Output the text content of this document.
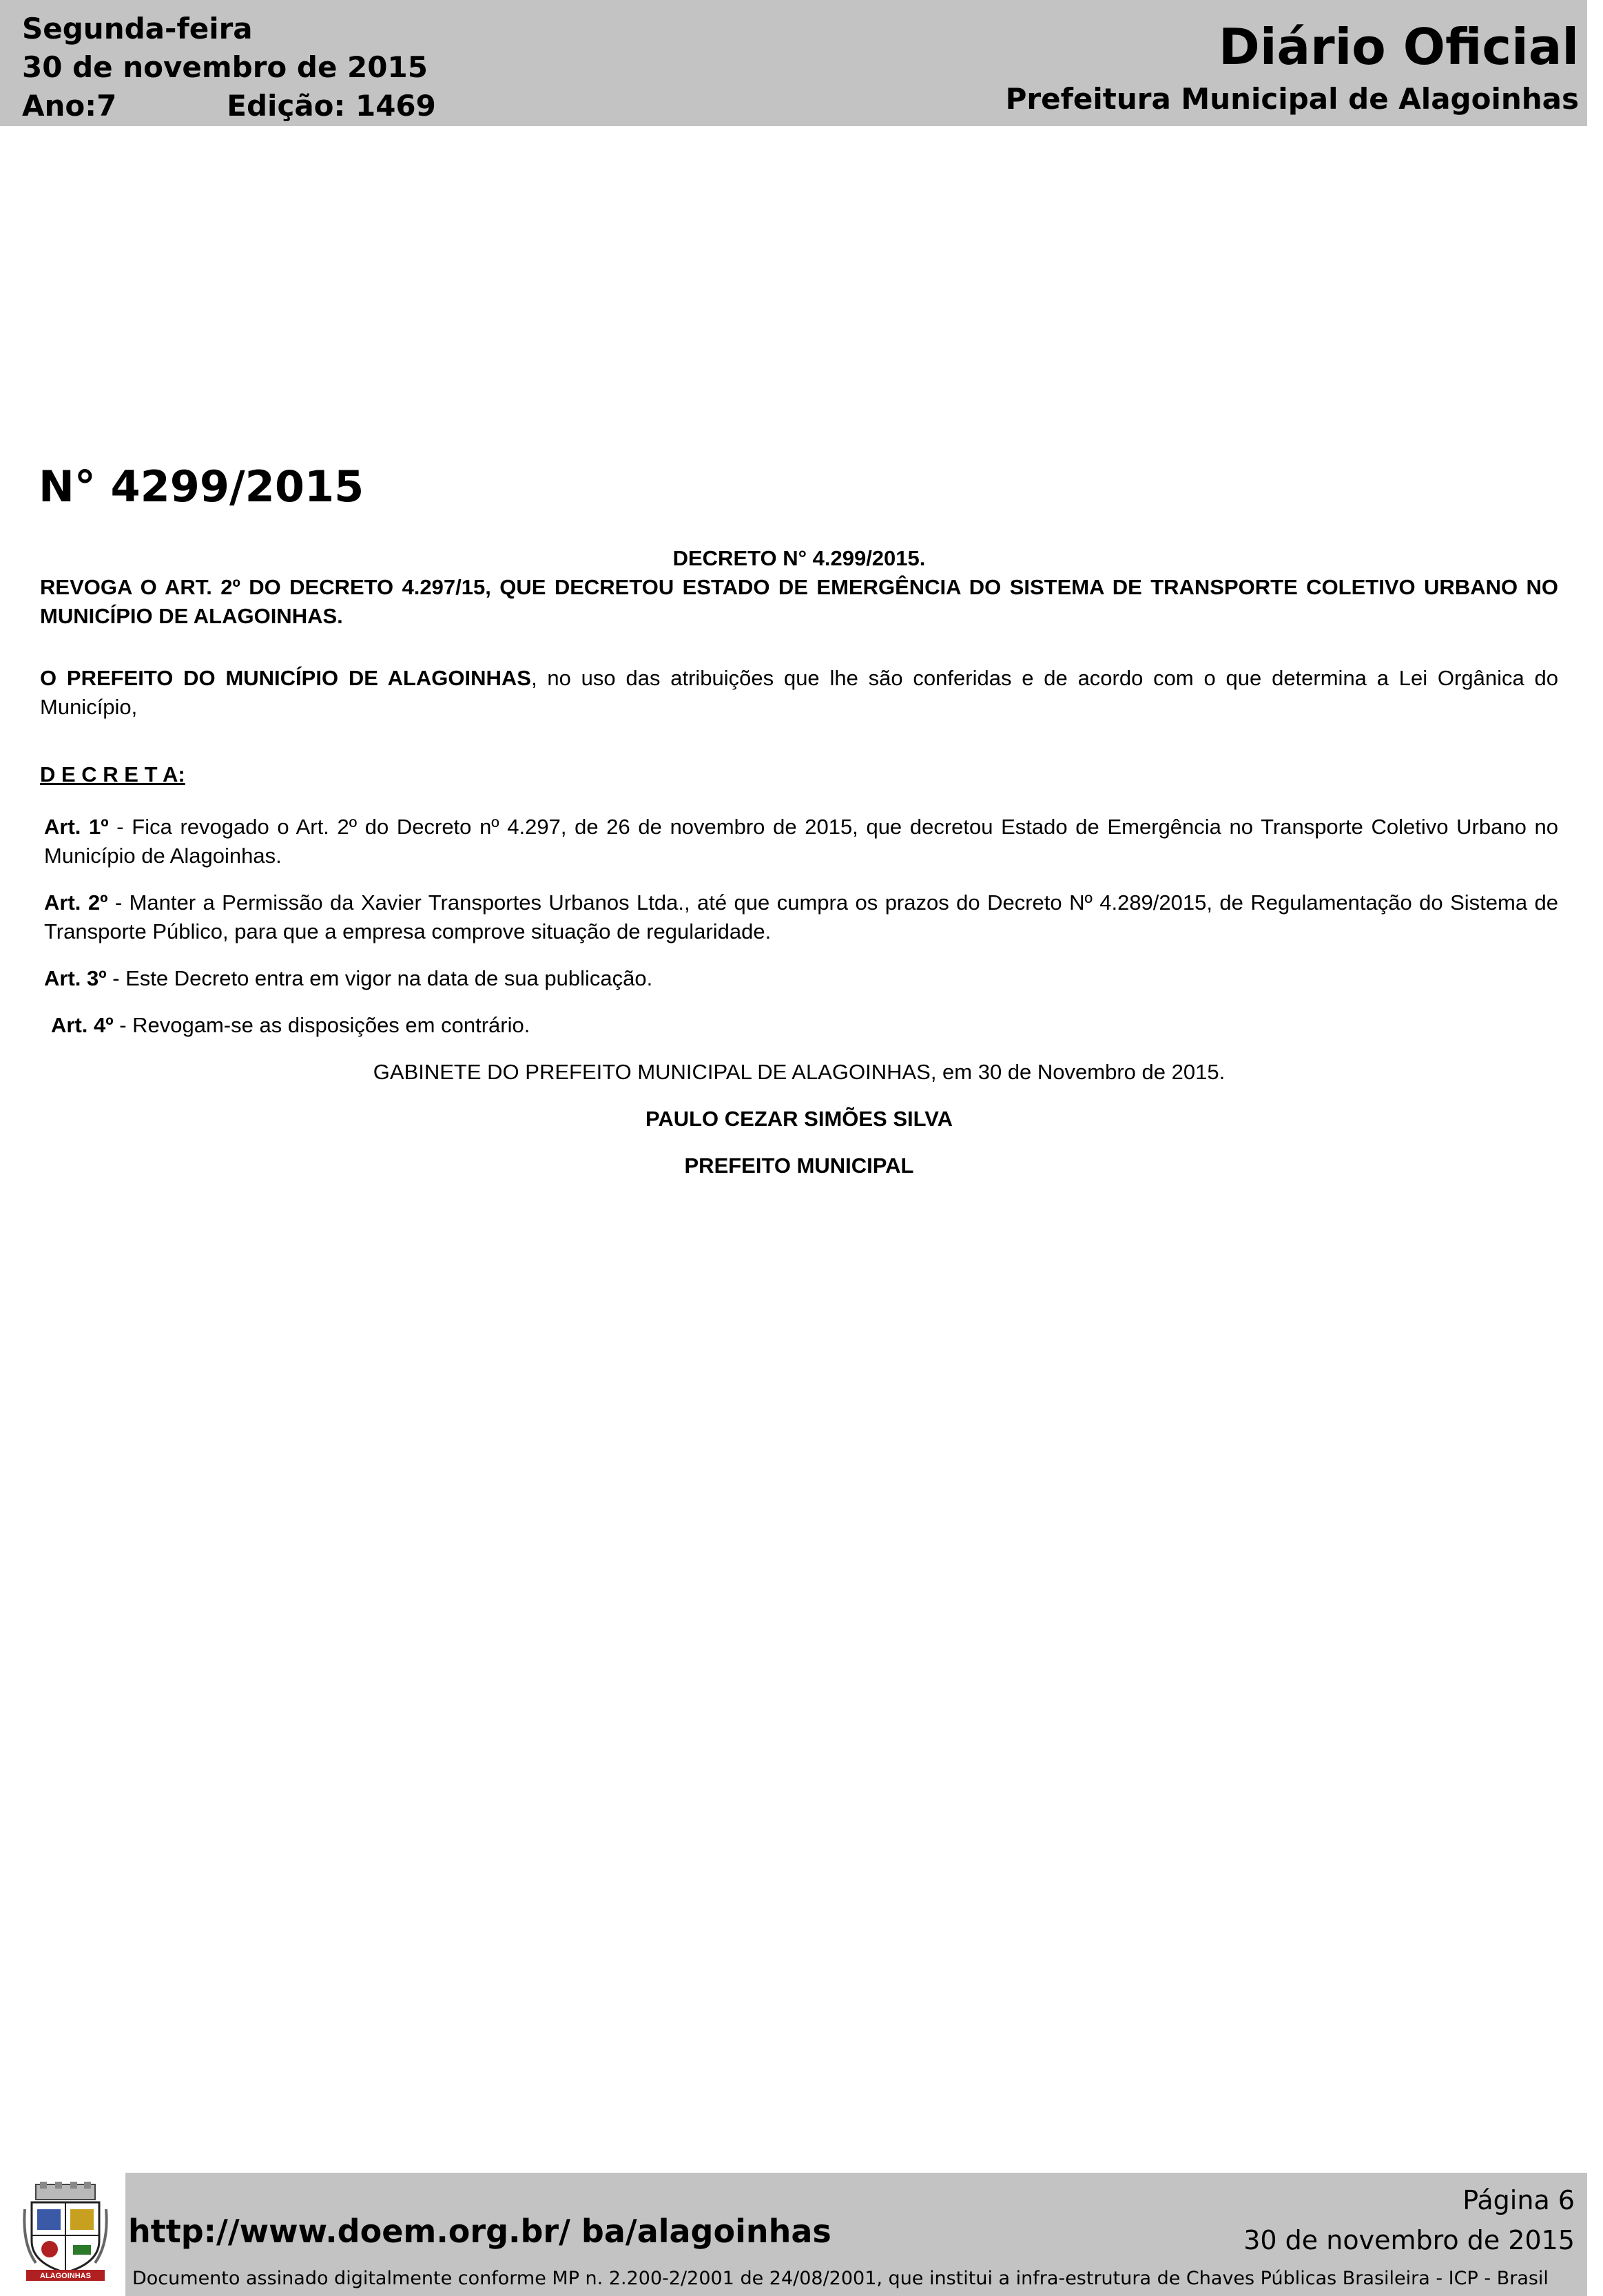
Segunda-feira
30 de novembro de 2015
Ano:7	Edição: 1469
Diário Oficial
Prefeitura Municipal de Alagoinhas
N° 4299/2015

DECRETO N° 4.299/2015.

REVOGA O ART. 2º DO DECRETO 4.297/15, QUE DECRETOU ESTADO DE EMERGÊNCIA DO SISTEMA DE TRANSPORTE COLETIVO URBANO NO MUNICÍPIO DE ALAGOINHAS.

O PREFEITO DO MUNICÍPIO DE ALAGOINHAS, no uso das atribuições que lhe são conferidas e de acordo com o que determina a Lei Orgânica do Município,

D E C R E T A:

Art. 1º - Fica revogado o Art. 2º do Decreto nº 4.297, de 26 de novembro de 2015, que decretou Estado de Emergência no Transporte Coletivo Urbano no Município de Alagoinhas.

Art. 2º - Manter a Permissão da Xavier Transportes Urbanos Ltda., até que cumpra os prazos do Decreto Nº 4.289/2015, de Regulamentação do Sistema de Transporte Público, para que a empresa comprove situação de regularidade.

Art. 3º - Este Decreto entra em vigor na data de sua publicação.

Art. 4º - Revogam-se as disposições em contrário.

GABINETE DO PREFEITO MUNICIPAL DE ALAGOINHAS, em 30 de Novembro de 2015.

PAULO CEZAR SIMÕES SILVA

PREFEITO MUNICIPAL

ALAGOINHAS
http://www.doem.org.br/ ba/alagoinhas
Página 6
30 de novembro de 2015
Documento assinado digitalmente conforme MP n. 2.200-2/2001 de 24/08/2001, que institui a infra-estrutura de Chaves Públicas Brasileira - ICP - Brasil
